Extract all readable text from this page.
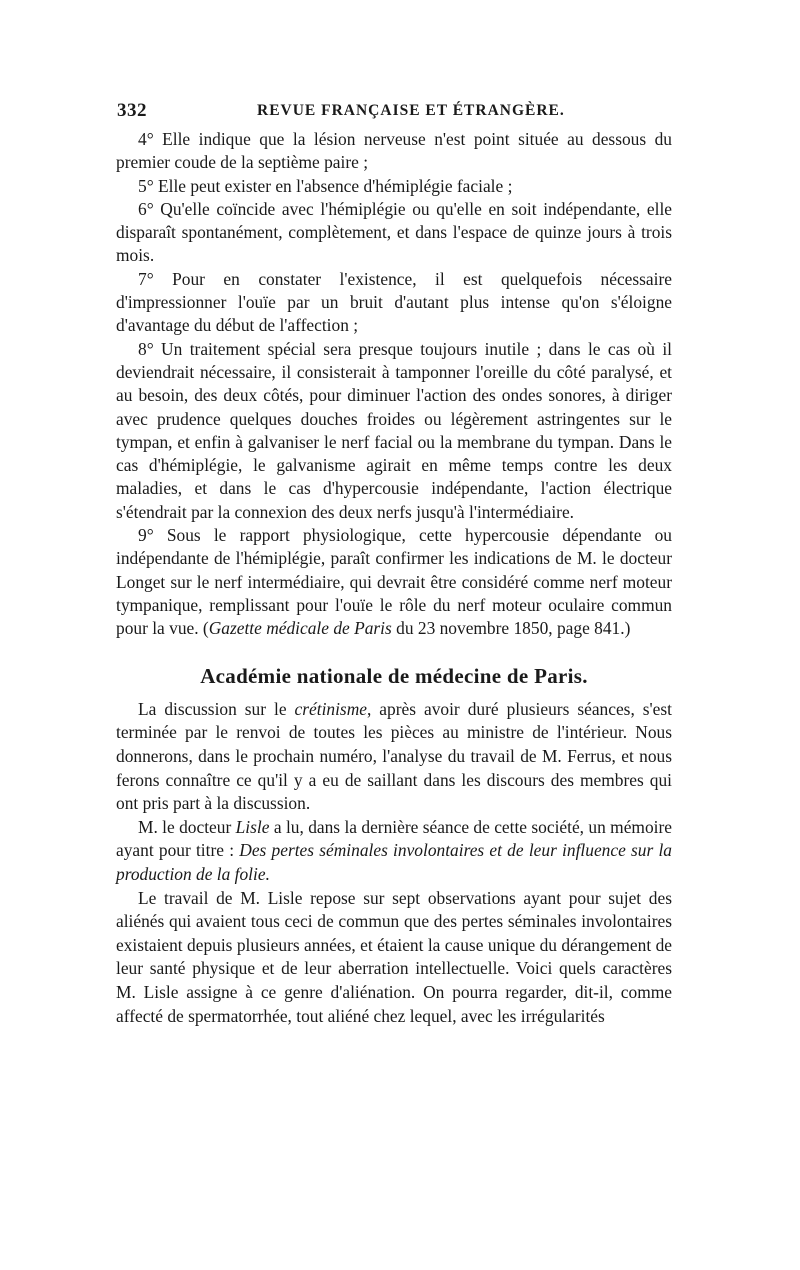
332	REVUE FRANÇAISE ET ÉTRANGÈRE.

4° Elle indique que la lésion nerveuse n'est point située au dessous du premier coude de la septième paire ;

5° Elle peut exister en l'absence d'hémiplégie faciale ;

6° Qu'elle coïncide avec l'hémiplégie ou qu'elle en soit indépendante, elle disparaît spontanément, complètement, et dans l'espace de quinze jours à trois mois.

7° Pour en constater l'existence, il est quelquefois nécessaire d'impressionner l'ouïe par un bruit d'autant plus intense qu'on s'éloigne d'avantage du début de l'affection ;

8° Un traitement spécial sera presque toujours inutile ; dans le cas où il deviendrait nécessaire, il consisterait à tamponner l'oreille du côté paralysé, et au besoin, des deux côtés, pour diminuer l'action des ondes sonores, à diriger avec prudence quelques douches froides ou légèrement astringentes sur le tympan, et enfin à galvaniser le nerf facial ou la membrane du tympan. Dans le cas d'hémiplégie, le galvanisme agirait en même temps contre les deux maladies, et dans le cas d'hypercousie indépendante, l'action électrique s'étendrait par la connexion des deux nerfs jusqu'à l'intermédiaire.

9° Sous le rapport physiologique, cette hypercousie dépendante ou indépendante de l'hémiplégie, paraît confirmer les indications de M. le docteur Longet sur le nerf intermédiaire, qui devrait être considéré comme nerf moteur tympanique, remplissant pour l'ouïe le rôle du nerf moteur oculaire commun pour la vue. (Gazette médicale de Paris du 23 novembre 1850, page 841.)

Académie nationale de médecine de Paris.

La discussion sur le crétinisme, après avoir duré plusieurs séances, s'est terminée par le renvoi de toutes les pièces au ministre de l'intérieur. Nous donnerons, dans le prochain numéro, l'analyse du travail de M. Ferrus, et nous ferons connaître ce qu'il y a eu de saillant dans les discours des membres qui ont pris part à la discussion.

M. le docteur Lisle a lu, dans la dernière séance de cette société, un mémoire ayant pour titre : Des pertes séminales involontaires et de leur influence sur la production de la folie.

Le travail de M. Lisle repose sur sept observations ayant pour sujet des aliénés qui avaient tous ceci de commun que des pertes séminales involontaires existaient depuis plusieurs années, et étaient la cause unique du dérangement de leur santé physique et de leur aberration intellectuelle. Voici quels caractères M. Lisle assigne à ce genre d'aliénation. On pourra regarder, dit-il, comme affecté de spermatorrhée, tout aliéné chez lequel, avec les irrégularités
